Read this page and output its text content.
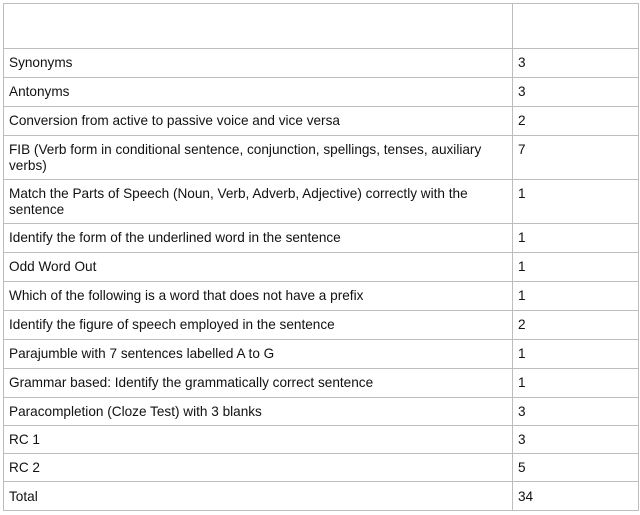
Synonyms	3
Antonyms	3
Conversion from active to passive voice and vice versa	2
FIB (Verb form in conditional sentence, conjunction, spellings, tenses, auxiliary verbs)	7
Match the Parts of Speech (Noun, Verb, Adverb, Adjective) correctly with the sentence	1
Identify the form of the underlined word in the sentence	1
Odd Word Out	1
Which of the following is a word that does not have a prefix	1
Identify the figure of speech employed in the sentence	2
Parajumble with 7 sentences labelled A to G	1
Grammar based: Identify the grammatically correct sentence	1
Paracompletion (Cloze Test) with 3 blanks	3
RC 1	3
RC 2	5
Total	34
